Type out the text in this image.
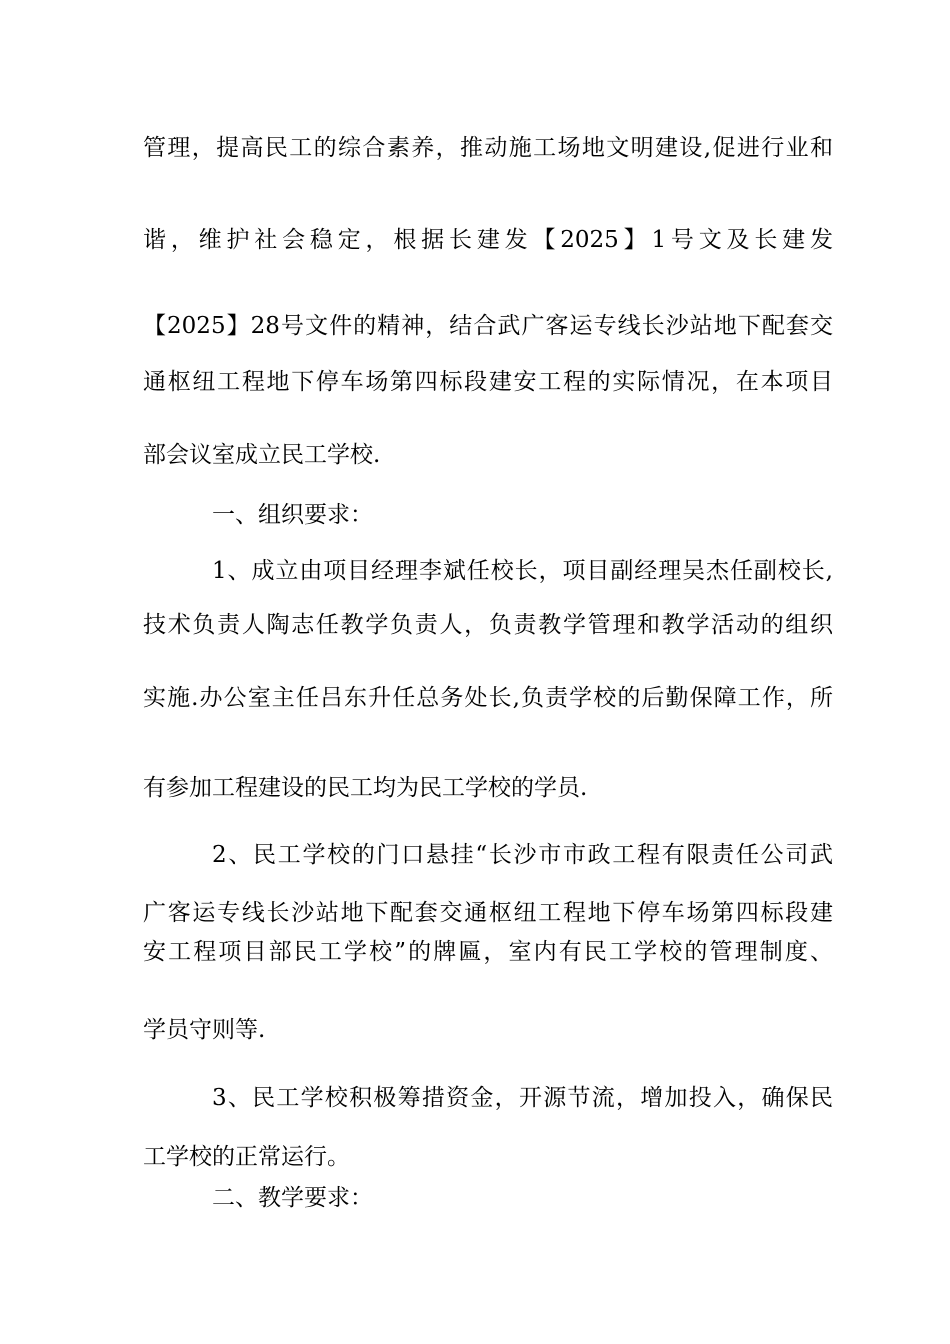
管理，提高民工的综合素养，推动施工场地文明建设,促进行业和
谐，维护社会稳定，根据长建发【2025】1号文及长建发
【2025】28号文件的精神，结合武广客运专线长沙站地下配套交
通枢纽工程地下停车场第四标段建安工程的实际情况，在本项目
部会议室成立民工学校.
一、组织要求：
1、成立由项目经理李斌任校长，项目副经理吴杰任副校长,
技术负责人陶志任教学负责人，负责教学管理和教学活动的组织
实施.办公室主任吕东升任总务处长,负责学校的后勤保障工作，所
有参加工程建设的民工均为民工学校的学员.
2、民工学校的门口悬挂“长沙市市政工程有限责任公司武
广客运专线长沙站地下配套交通枢纽工程地下停车场第四标段建
安工程项目部民工学校”的牌匾，室内有民工学校的管理制度、
学员守则等.
3、民工学校积极筹措资金，开源节流，增加投入，确保民
工学校的正常运行。
二、教学要求：
